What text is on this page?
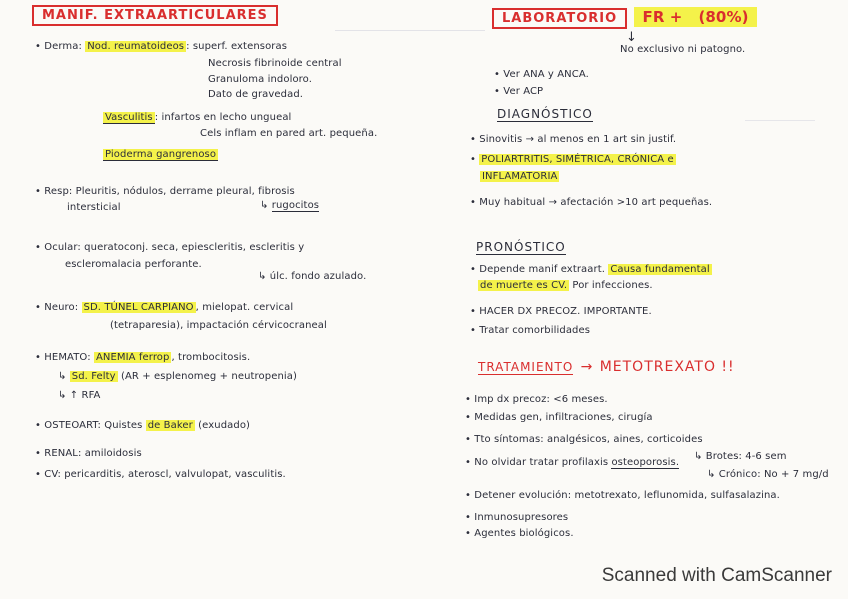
MANIF. EXTRAARTICULARES
• Derma: Nod. reumatoideos : superf. extensoras
Necrosis fibrinoide central
Granuloma indoloro.
Dato de gravedad.
Vasculitis : infartos en lecho ungueal
Cels inflam en pared art. pequeña.
Pioderma gangrenoso
• Resp: Pleuritis, nódulos, derrame pleural, fibrosis
intersticial	↳ rugocitos
• Ocular: queratoconj. seca, epiescleritis, escleritis y
escleromalacia perforante.
↳ úlc. fondo azulado.
• Neuro: SD. TÚNEL CARPIANO , mielopat. cervical
(tetraparesia), impactación cérvicocraneal
• HEMATO: ANEMIA ferrop , trombocitosis.
↳ Sd. Felty (AR + esplenomeg + neutropenia)
↳ ↑ RFA
• OSTEOART: Quistes de Baker (exudado)
• RENAL: amiloidosis
• CV: pericarditis, ateroscl, valvulopat, vasculitis.
LABORATORIO FR + (80%)
↓
No exclusivo ni patogno.
• Ver ANA y ANCA.
• Ver ACP
DIAGNÓSTICO
• Sinovitis → al menos en 1 art sin justif.
• POLIARTRITIS, SIMÉTRICA, CRÓNICA e
INFLAMATORIA
• Muy habitual → afectación >10 art pequeñas.
PRONÓSTICO
• Depende manif extraart. Causa fundamental
de muerte es CV. Por infecciones.
• HACER DX PRECOZ. IMPORTANTE.
• Tratar comorbilidades
TRATAMIENTO → METOTREXATO !!
• Imp dx precoz: <6 meses.
• Medidas gen, infiltraciones, cirugía
• Tto síntomas: analgésicos, aines, corticoides
• No olvidar tratar profilaxis osteoporosis.
↳ Brotes: 4-6 sem
↳ Crónico: No + 7 mg/d
• Detener evolución: metotrexato, leflunomida, sulfasalazina.
• Inmunosupresores
• Agentes biológicos.
Scanned with CamScanner
